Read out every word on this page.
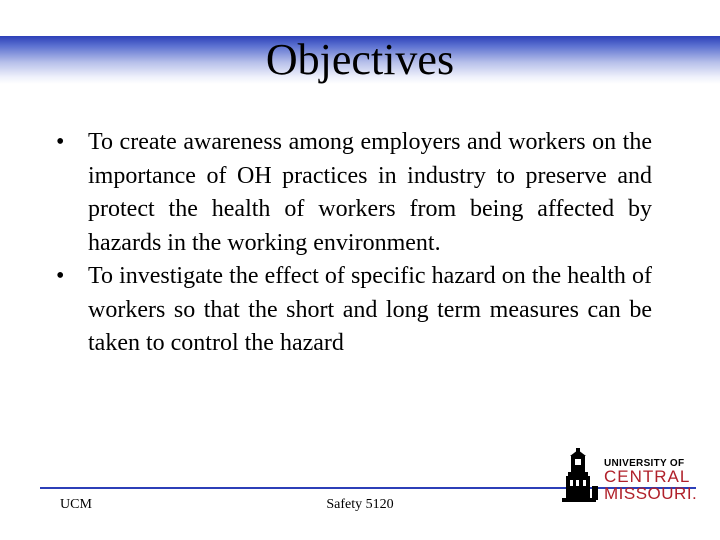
Objectives
• To create awareness among employers and workers on the importance of OH practices in industry to preserve and protect the health of workers from being affected by hazards in the working environment.
• To investigate the effect of specific hazard on the health of workers so that the short and long term measures can be taken to control the hazard
UCM	Safety 5120
UNIVERSITY OF
CENTRAL
MISSOURI.
